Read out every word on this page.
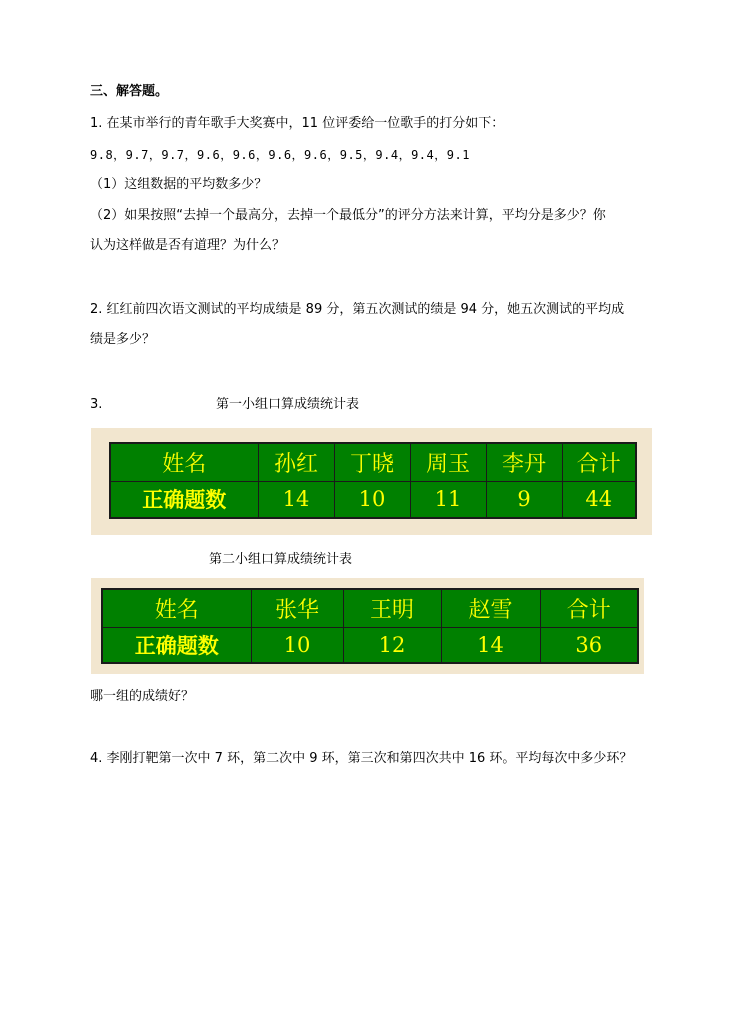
三、解答题。
1. 在某市举行的青年歌手大奖赛中，11 位评委给一位歌手的打分如下：
9.8，9.7，9.7，9.6，9.6，9.6，9.6，9.5，9.4，9.4，9.1
（1）这组数据的平均数多少？
（2）如果按照“去掉一个最高分，去掉一个最低分”的评分方法来计算，平均分是多少？你
认为这样做是否有道理？为什么？
2. 红红前四次语文测试的平均成绩是 89 分，第五次测试的绩是 94 分，她五次测试的平均成
绩是多少？
3.	第一小组口算成绩统计表
姓名	孙红	丁晓	周玉	李丹	合计
正确题数	14	10	11	9	44
第二小组口算成绩统计表
姓名	张华	王明	赵雪	合计
正确题数	10	12	14	36
哪一组的成绩好？
4. 李刚打靶第一次中 7 环，第二次中 9 环，第三次和第四次共中 16 环。平均每次中多少环？
